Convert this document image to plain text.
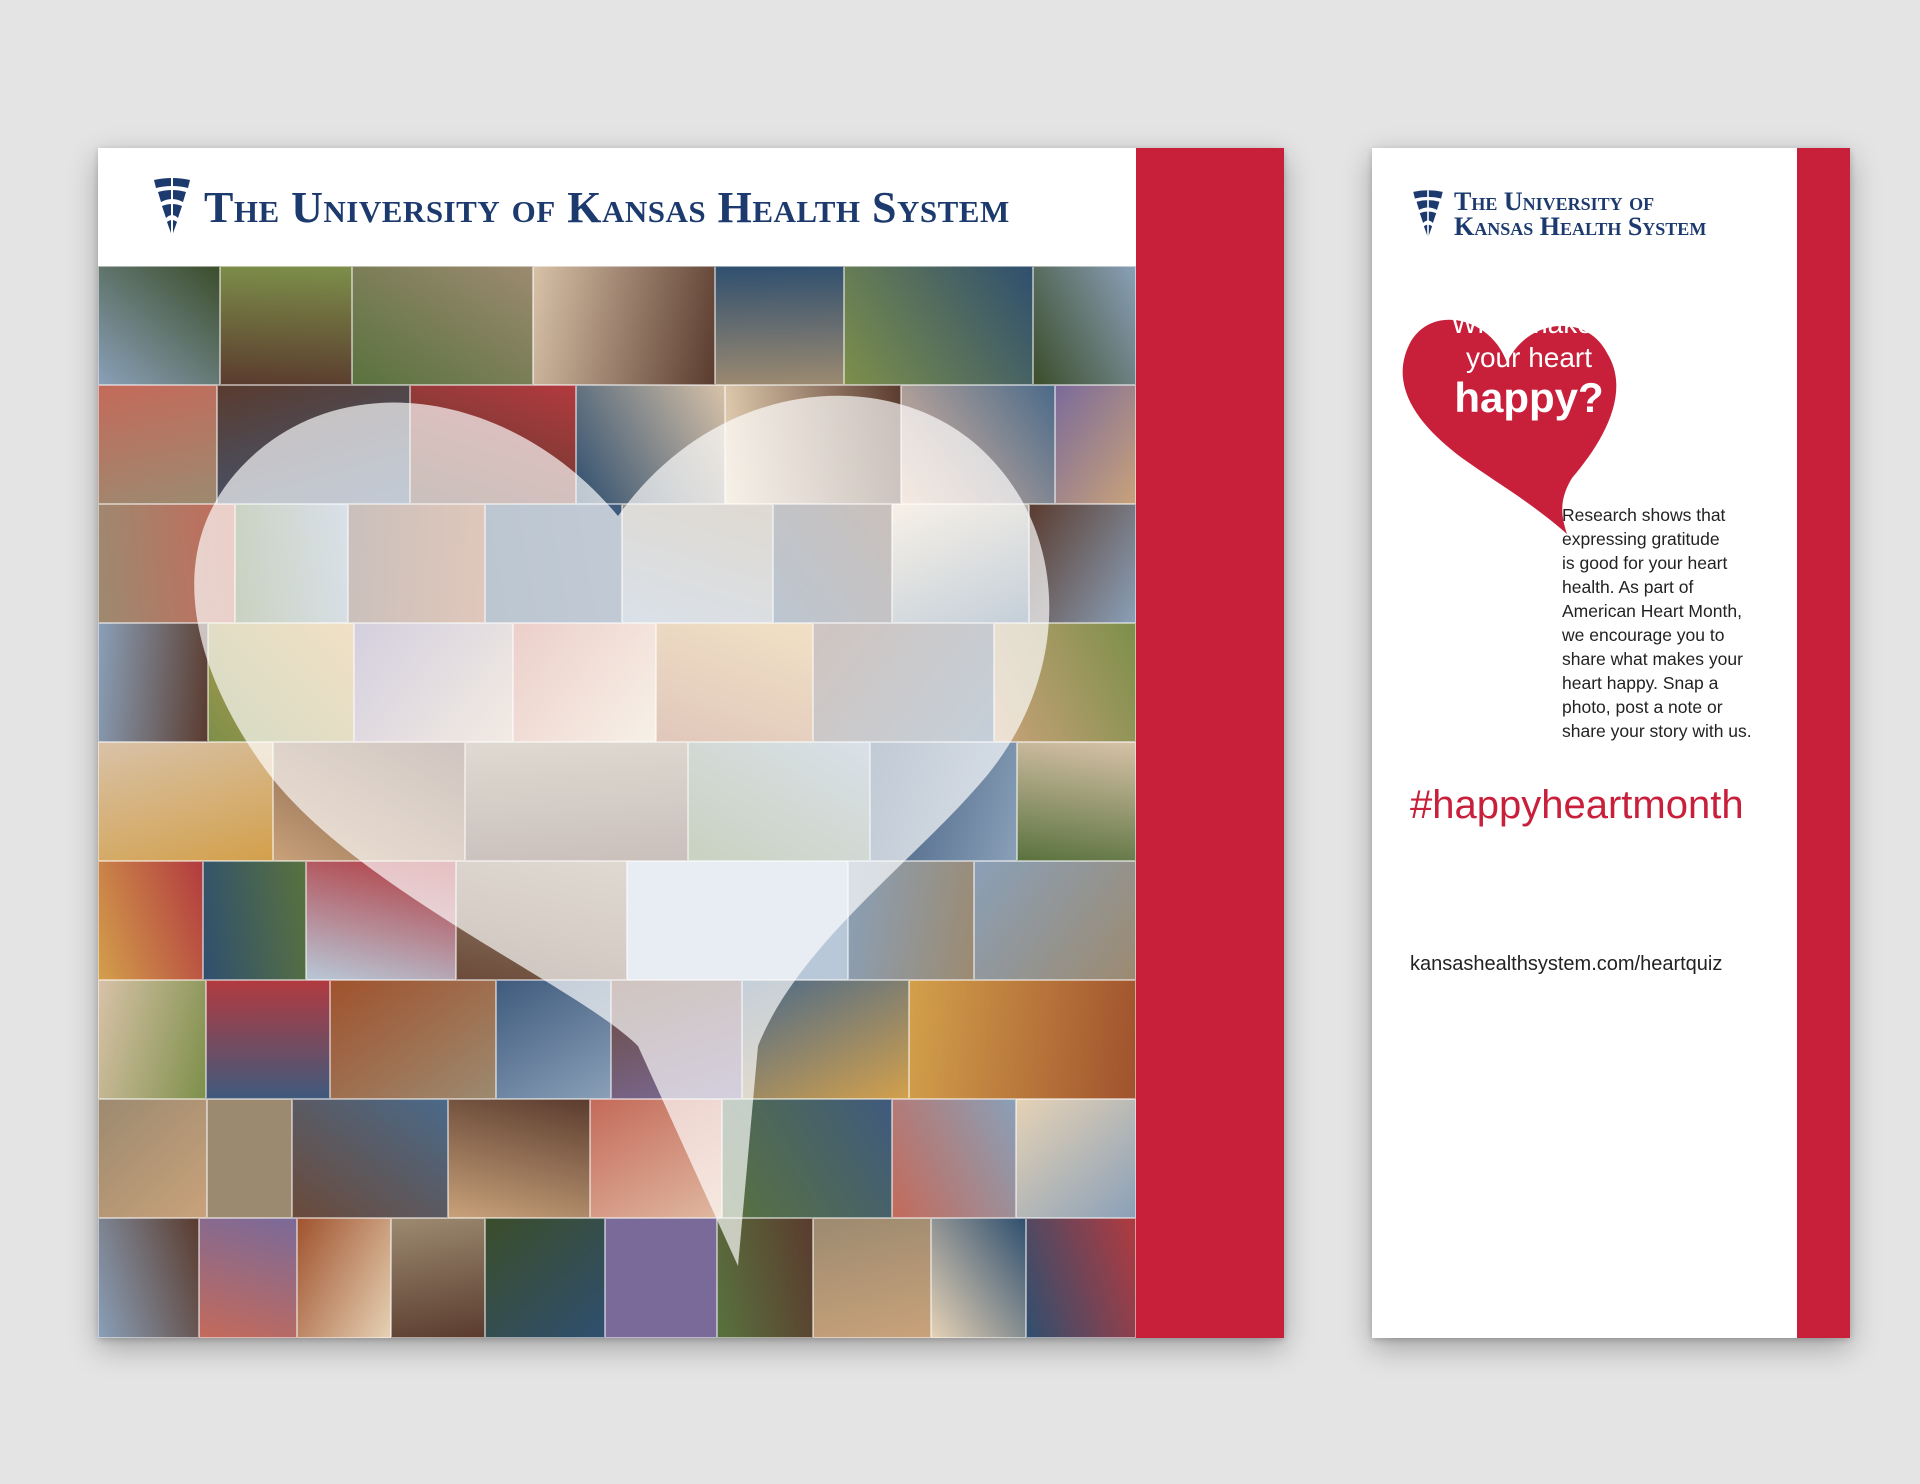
The University of Kansas Health System	The University of
Kansas Health System
What makes
your heart
happy?
Research shows that
expressing gratitude
is good for your heart
health. As part of
American Heart Month,
we encourage you to
share what makes your
heart happy. Snap a
photo, post a note or
share your story with us.
#happyheartmonth
kansashealthsystem.com/heartquiz
